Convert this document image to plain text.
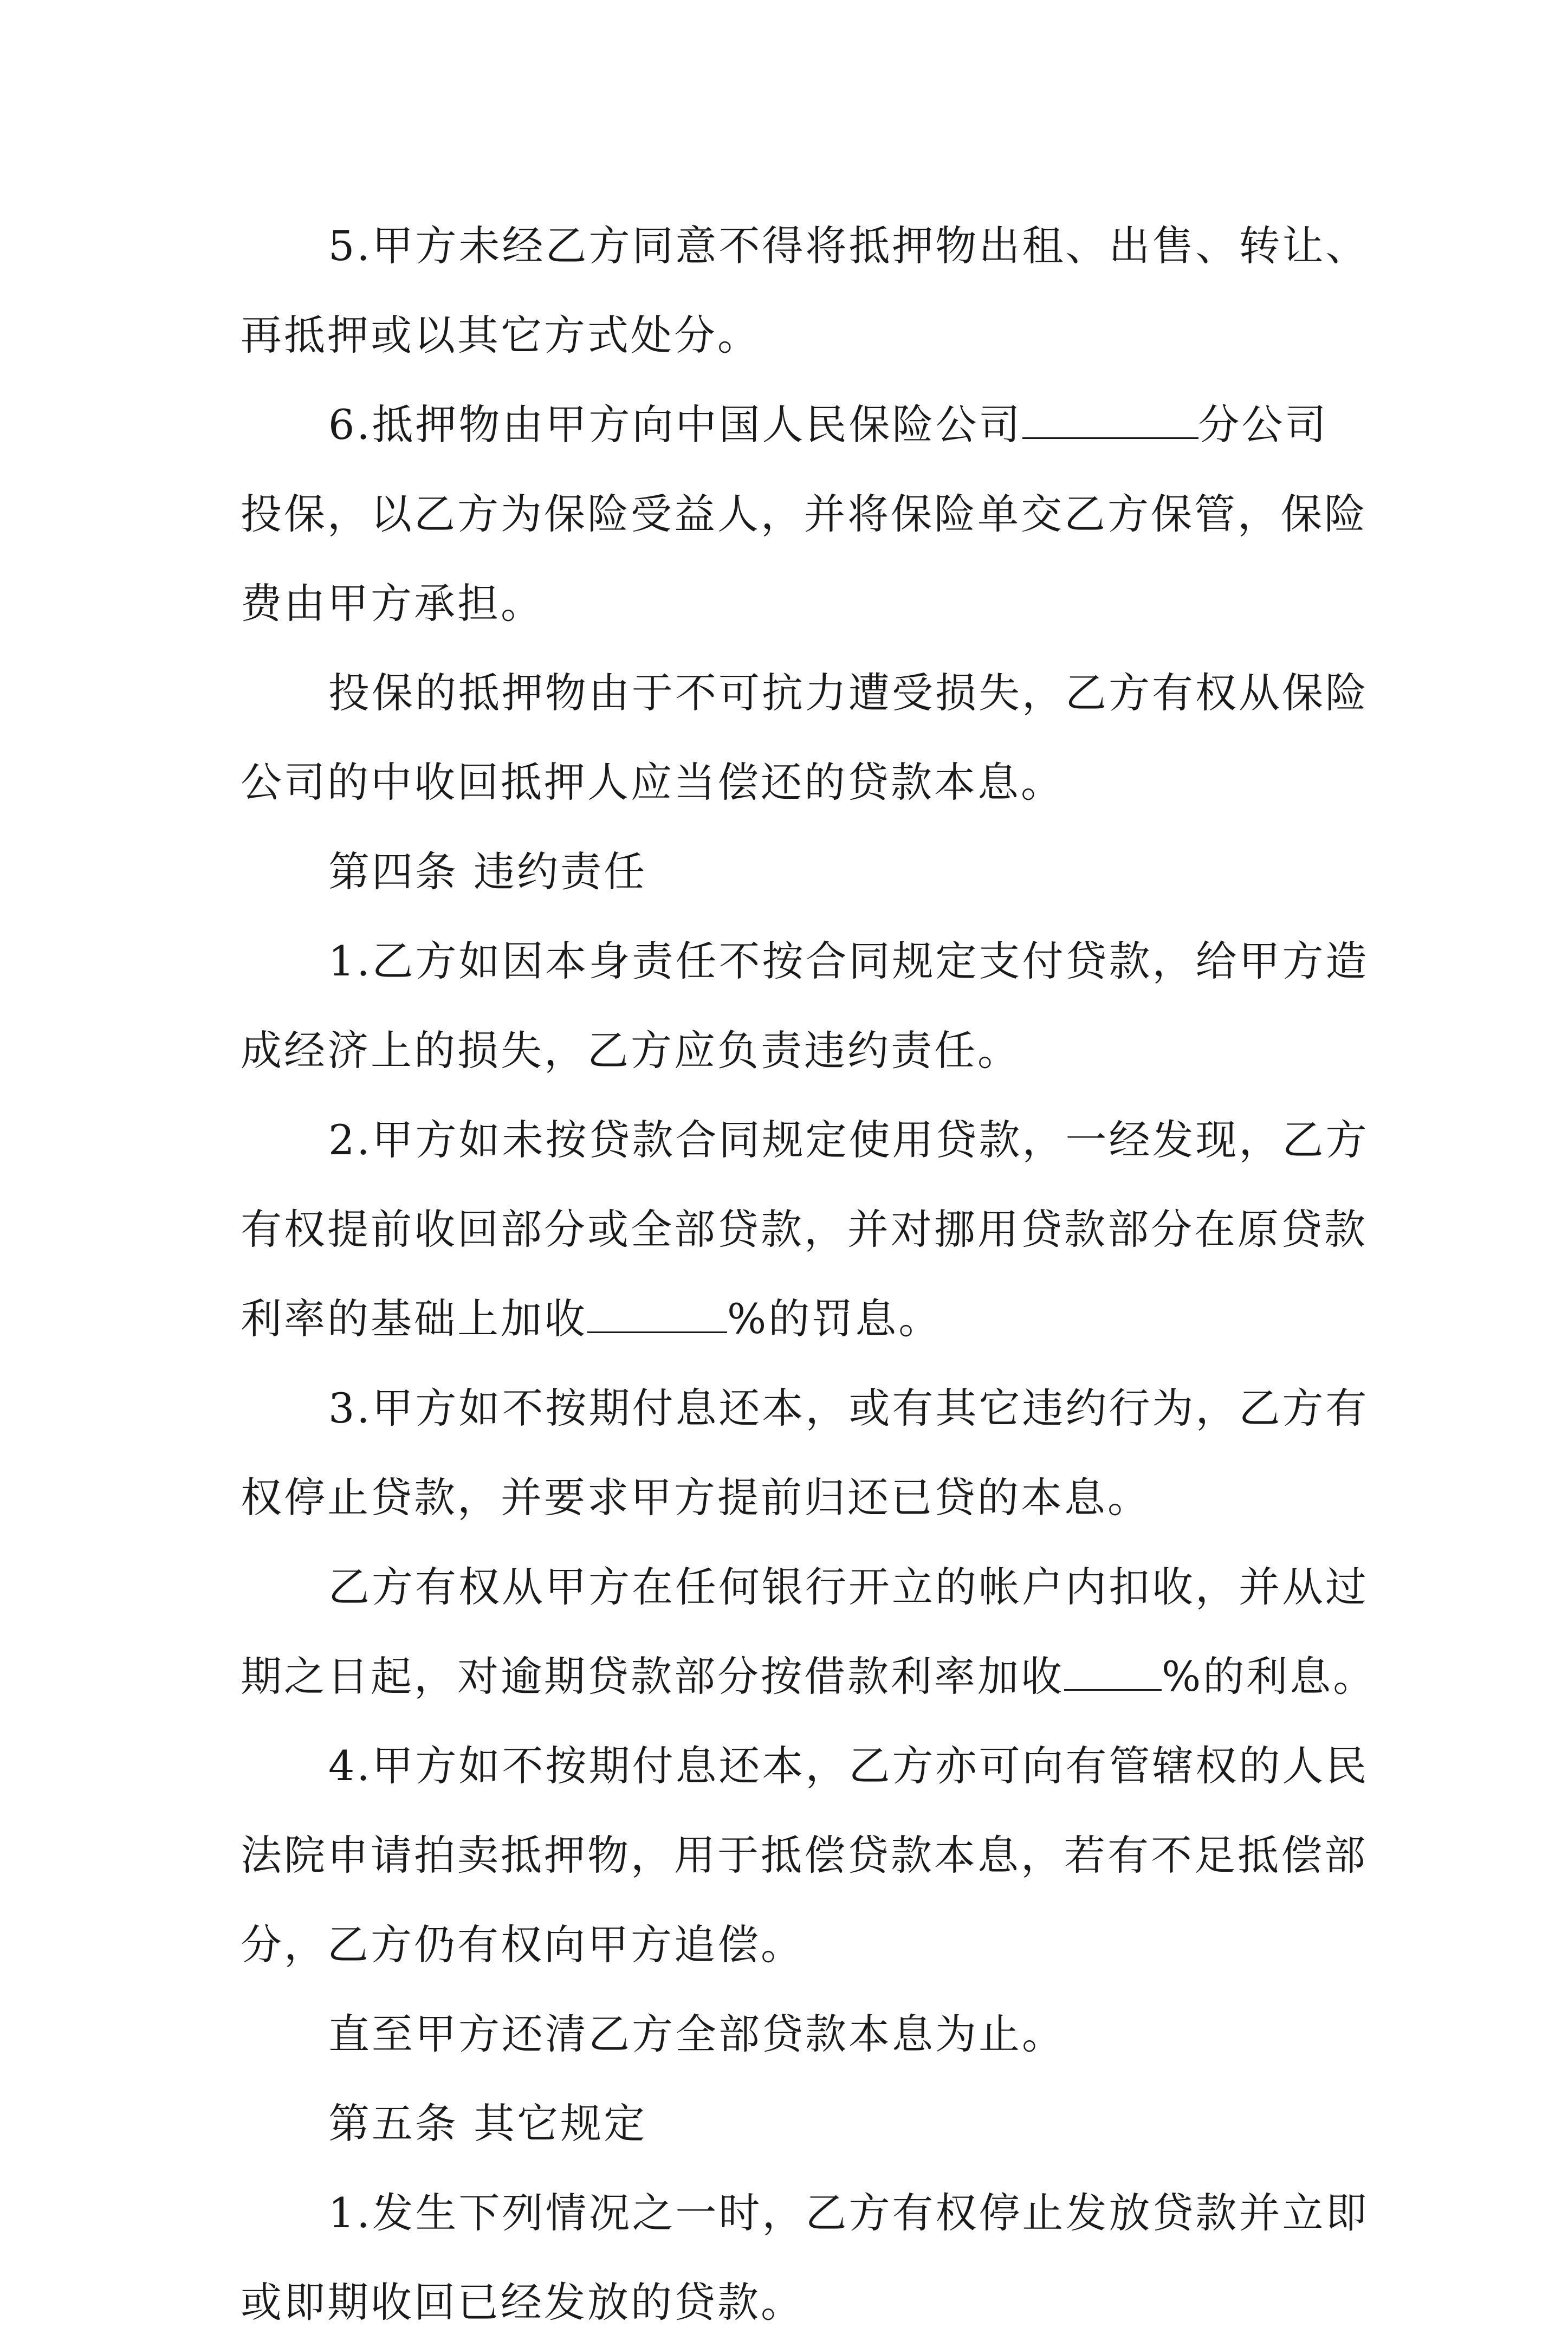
5.甲方未经乙方同意不得将抵押物出租、出售、转让、
再抵押或以其它方式处分。
6.抵押物由甲方向中国人民保险公司	分公司
投保，以乙方为保险受益人，并将保险单交乙方保管，保险
费由甲方承担。
投保的抵押物由于不可抗力遭受损失，乙方有权从保险
公司的中收回抵押人应当偿还的贷款本息。
第四条 违约责任
1.乙方如因本身责任不按合同规定支付贷款，给甲方造
成经济上的损失，乙方应负责违约责任。
2.甲方如未按贷款合同规定使用贷款，一经发现，乙方
有权提前收回部分或全部贷款，并对挪用贷款部分在原贷款
利率的基础上加收	%的罚息。
3.甲方如不按期付息还本，或有其它违约行为，乙方有
权停止贷款，并要求甲方提前归还已贷的本息。
乙方有权从甲方在任何银行开立的帐户内扣收，并从过
期之日起，对逾期贷款部分按借款利率加收 %的利息。
4.甲方如不按期付息还本，乙方亦可向有管辖权的人民
法院申请拍卖抵押物，用于抵偿贷款本息，若有不足抵偿部
分，乙方仍有权向甲方追偿。
直至甲方还清乙方全部贷款本息为止。
第五条 其它规定
1.发生下列情况之一时，乙方有权停止发放贷款并立即
或即期收回已经发放的贷款。
